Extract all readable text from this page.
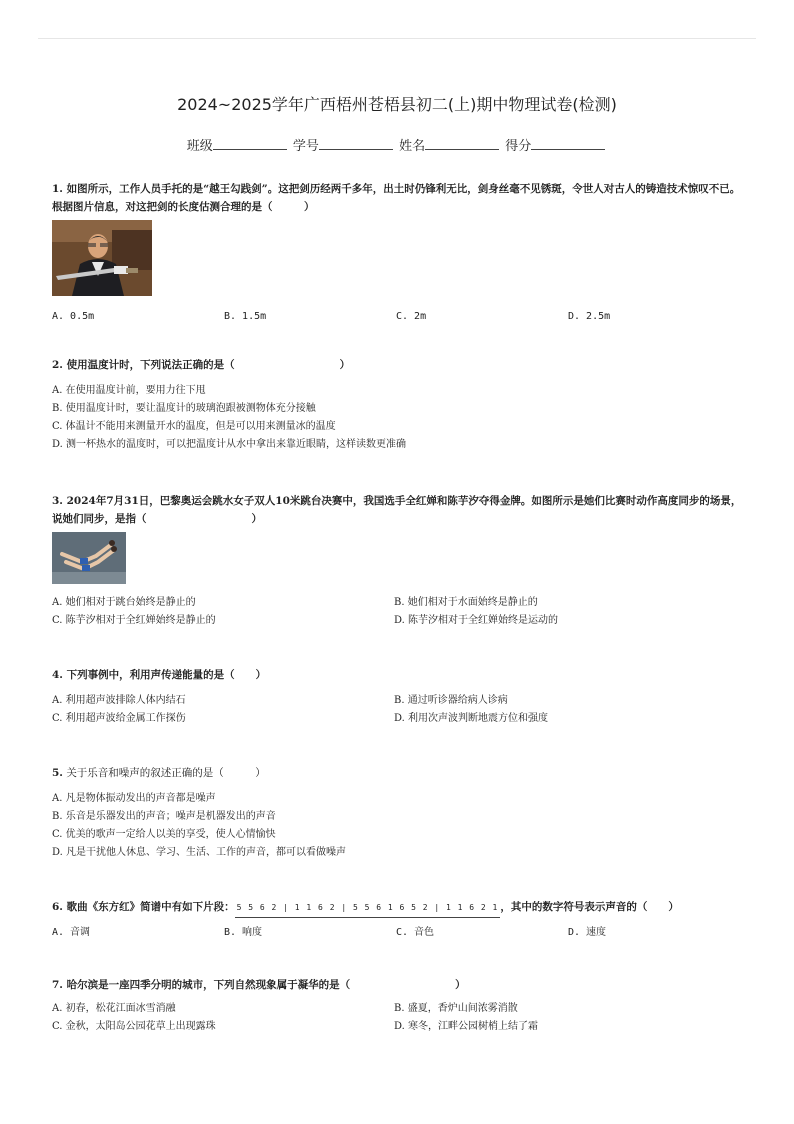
2024~2025学年广西梧州苍梧县初二(上)期中物理试卷(检测)
班级	学号	姓名	得分
1. 如图所示，工作人员手托的是“越王勾践剑”。这把剑历经两千多年，出土时仍锋利无比，剑身丝毫不见锈斑，令世人对古人的铸造技术惊叹不已。根据图片信息，对这把剑的长度估测合理的是（　　　）
A. 0.5m	B. 1.5m	C. 2m	D. 2.5m
2. 使用温度计时，下列说法正确的是（　　　　　　　　　　）
A. 在使用温度计前，要用力往下甩
B. 使用温度计时，要让温度计的玻璃泡跟被测物体充分接触
C. 体温计不能用来测量开水的温度，但是可以用来测量冰的温度
D. 测一杯热水的温度时，可以把温度计从水中拿出来靠近眼睛，这样读数更准确
3. 2024年7月31日，巴黎奥运会跳水女子双人10米跳台决赛中，我国选手全红婵和陈芋汐夺得金牌。如图所示是她们比赛时动作高度同步的场景，说她们同步，是指（　　　　　　　　　　）
A. 她们相对于跳台始终是静止的	B. 她们相对于水面始终是静止的
C. 陈芋汐相对于全红婵始终是静止的	D. 陈芋汐相对于全红婵始终是运动的
4. 下列事例中，利用声传递能量的是（　　）
A. 利用超声波排除人体内结石	B. 通过听诊器给病人诊病
C. 利用超声波给金属工作探伤	D. 利用次声波判断地震方位和强度
5. 关于乐音和噪声的叙述正确的是（　　　）
A. 凡是物体振动发出的声音都是噪声
B. 乐音是乐器发出的声音；噪声是机器发出的声音
C. 优美的歌声一定给人以美的享受，使人心情愉快
D. 凡是干扰他人休息、学习、生活、工作的声音，都可以看做噪声
6. 歌曲《东方红》简谱中有如下片段： 5 5 6 2 | 1 1 6 2 | 5 5 6 1 6 5 2 | 1 1 6 2 1 ，其中的数字符号表示声音的（　　）
A. 音调	B. 响度	C. 音色	D. 速度
7. 哈尔滨是一座四季分明的城市，下列自然现象属于凝华的是（　　　　　　　　　　）
A. 初春，松花江面冰雪消融	B. 盛夏，香炉山间浓雾消散
C. 金秋，太阳岛公园花草上出现露珠	D. 寒冬，江畔公园树梢上结了霜
